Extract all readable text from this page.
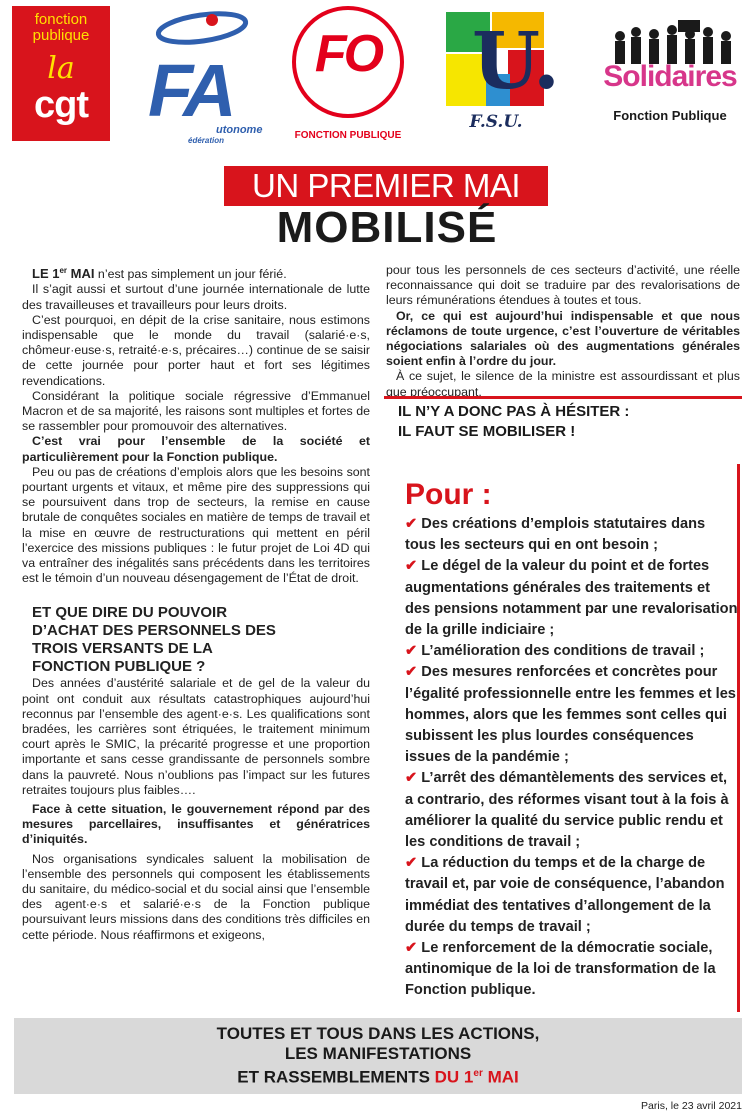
fonction
publique
la
cgt FA
utonome
édération
FO
FONCTION PUBLIQUE
U.
F.S.U.
Solidaires
Fonction Publique
UN PREMIER MAI
MOBILISÉ

LE 1er MAI n’est pas simplement un jour férié.

Il s’agit aussi et surtout d’une journée internationale de lutte des travailleuses et travailleurs pour leurs droits.

C’est pourquoi, en dépit de la crise sanitaire, nous estimons indispensable que le monde du travail (salarié·e·s, chômeur·euse·s, retraité·e·s, précaires…) continue de se saisir de cette journée pour porter haut et fort ses légitimes revendications.

Considérant la politique sociale régressive d’Emmanuel Macron et de sa majorité, les raisons sont multiples et fortes de se rassembler pour promouvoir des alternatives.

C’est vrai pour l’ensemble de la société et particulièrement pour la Fonction publique.

Peu ou pas de créations d’emplois alors que les besoins sont pourtant urgents et vitaux, et même pire des suppressions qui se poursuivent dans trop de secteurs, la remise en cause brutale de conquêtes sociales en matière de temps de travail et la mise en œuvre de restructurations qui mettent en péril l’exercice des missions publiques : le futur projet de Loi 4D qui va entraîner des inégalités sans précédents dans les territoires est le témoin d’un nouveau désengagement de l’État de droit.

ET QUE DIRE DU POUVOIR D’ACHAT DES PERSONNELS DES TROIS VERSANTS DE LA FONCTION PUBLIQUE ?

Des années d’austérité salariale et de gel de la valeur du point ont conduit aux résultats catastrophiques aujourd’hui reconnus par l’ensemble des agent·e·s. Les qualifications sont bradées, les carrières sont étriquées, le traitement minimum court après le SMIC, la précarité progresse et une proportion importante et sans cesse grandissante de personnels sombre dans la pauvreté. Nous n’oublions pas l’impact sur les futures retraites toujours plus faibles….

Face à cette situation, le gouvernement répond par des mesures parcellaires, insuffisantes et génératrices d’iniquités.

Nos organisations syndicales saluent la mobilisation de l’ensemble des personnels qui composent les établissements du sanitaire, du médico-social et du social ainsi que l’ensemble des agent·e·s et salarié·e·s de la Fonction publique poursuivant leurs missions dans des conditions très difficiles en cette période. Nous réaffirmons et exigeons,

pour tous les personnels de ces secteurs d’activité, une réelle reconnaissance qui doit se traduire par des revalorisations de leurs rémunérations étendues à toutes et tous.

Or, ce qui est aujourd’hui indispensable et que nous réclamons de toute urgence, c’est l’ouverture de véritables négociations salariales où des augmentations générales soient enfin à l’ordre du jour.

À ce sujet, le silence de la ministre est assourdissant et plus que préoccupant.

IL N’Y A DONC PAS À HÉSITER :
IL FAUT SE MOBILISER !
Pour :
✔ Des créations d’emplois statutaires dans tous les secteurs qui en ont besoin ;
✔ Le dégel de la valeur du point et de fortes augmentations générales des traitements et des pensions notamment par une revalorisation de la grille indiciaire ;
✔ L’amélioration des conditions de travail ;
✔ Des mesures renforcées et concrètes pour l’égalité professionnelle entre les femmes et les hommes, alors que les femmes sont celles qui subissent les plus lourdes conséquences issues de la pandémie ;
✔ L’arrêt des démantèlements des services et, a contrario, des réformes visant tout à la fois à améliorer la qualité du service public rendu et les conditions de travail ;
✔ La réduction du temps et de la charge de travail et, par voie de conséquence, l’abandon immédiat des tentatives d’allongement de la durée du temps de travail ;
✔ Le renforcement de la démocratie sociale, antinomique de la loi de transformation de la Fonction publique.
TOUTES ET TOUS DANS LES ACTIONS,
LES MANIFESTATIONS
ET RASSEMBLEMENTS DU 1er MAI
Paris, le 23 avril 2021
